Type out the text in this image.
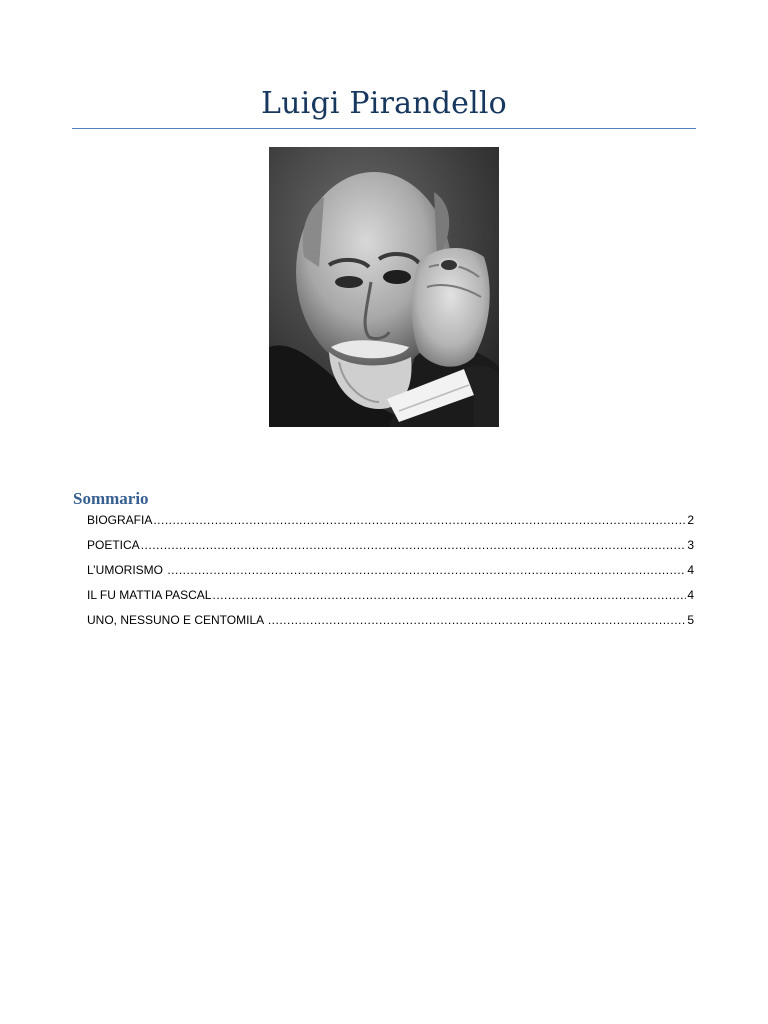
Luigi Pirandello
Sommario
BIOGRAFIA .....	2
POETICA .....	3
L’UMORISMO .....	4
IL FU MATTIA PASCAL .....	4
UNO, NESSUNO E CENTOMILA .....	5
